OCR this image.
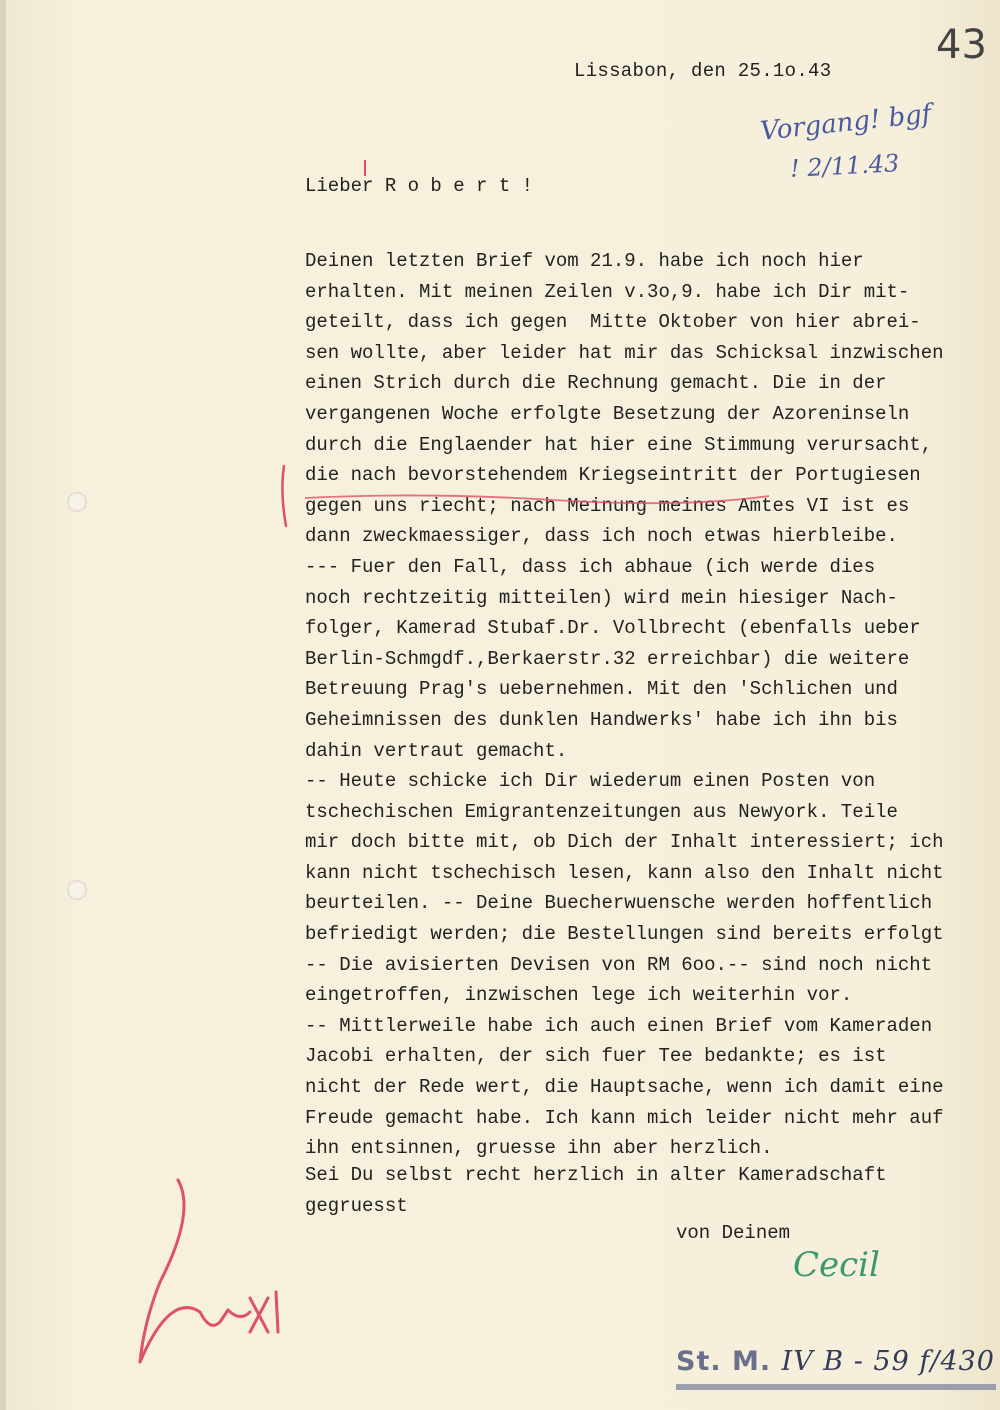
43
Lissabon, den 25.1o.43
Vorgang! bgf
! 2/11.43
Lieber R o b e r t !
Deinen letzten Brief vom 21.9. habe ich noch hier
erhalten. Mit meinen Zeilen v.3o,9. habe ich Dir mit-
geteilt, dass ich gegen  Mitte Oktober von hier abrei-
sen wollte, aber leider hat mir das Schicksal inzwischen
einen Strich durch die Rechnung gemacht. Die in der
vergangenen Woche erfolgte Besetzung der Azoreninseln
durch die Englaender hat hier eine Stimmung verursacht,
die nach bevorstehendem Kriegseintritt der Portugiesen
gegen uns riecht; nach Meinung meines Amtes VI ist es
dann zweckmaessiger, dass ich noch etwas hierbleibe.
--- Fuer den Fall, dass ich abhaue (ich werde dies
noch rechtzeitig mitteilen) wird mein hiesiger Nach-
folger, Kamerad Stubaf.Dr. Vollbrecht (ebenfalls ueber
Berlin-Schmgdf.,Berkaerstr.32 erreichbar) die weitere
Betreuung Prag's uebernehmen. Mit den 'Schlichen und
Geheimnissen des dunklen Handwerks' habe ich ihn bis
dahin vertraut gemacht.
-- Heute schicke ich Dir wiederum einen Posten von
tschechischen Emigrantenzeitungen aus Newyork. Teile
mir doch bitte mit, ob Dich der Inhalt interessiert; ich
kann nicht tschechisch lesen, kann also den Inhalt nicht
beurteilen. -- Deine Buecherwuensche werden hoffentlich
befriedigt werden; die Bestellungen sind bereits erfolgt
-- Die avisierten Devisen von RM 6oo.-- sind noch nicht
eingetroffen, inzwischen lege ich weiterhin vor.
-- Mittlerweile habe ich auch einen Brief vom Kameraden
Jacobi erhalten, der sich fuer Tee bedankte; es ist
nicht der Rede wert, die Hauptsache, wenn ich damit eine
Freude gemacht habe. Ich kann mich leider nicht mehr auf
ihn entsinnen, gruesse ihn aber herzlich.
Sei Du selbst recht herzlich in alter Kameradschaft
gegruesst
von Deinem
Cecil
St. M. IV B - 59 f/430
